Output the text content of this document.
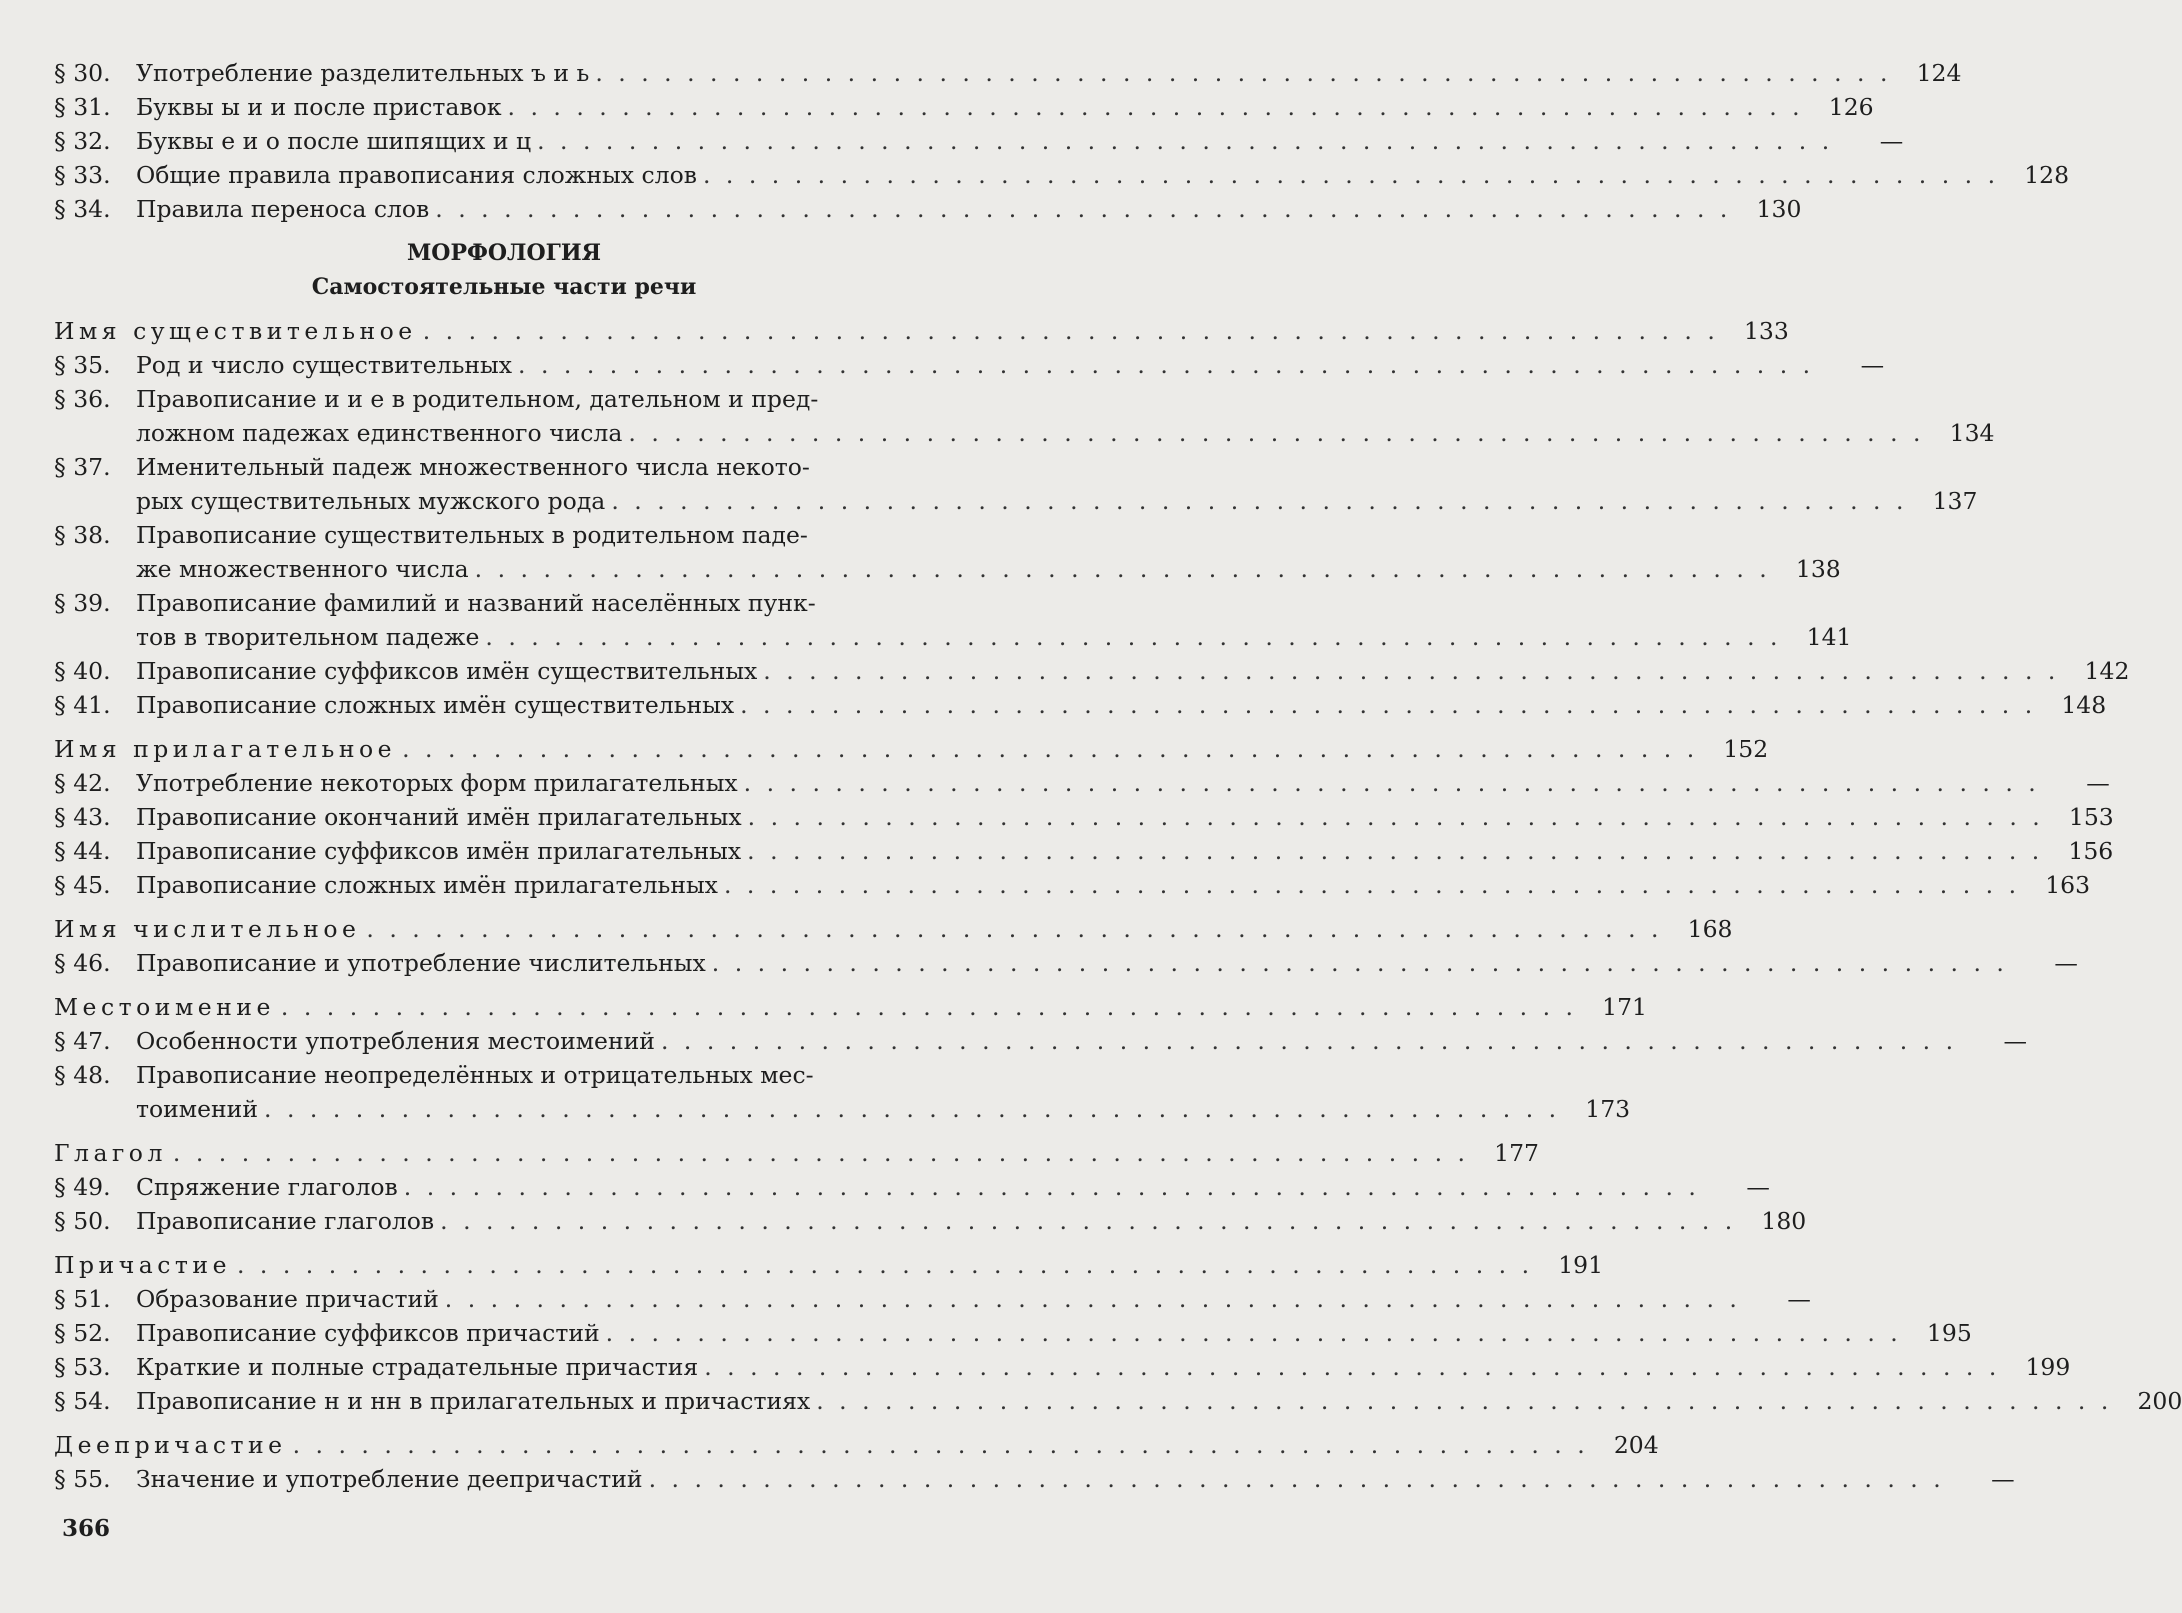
§ 30.	Употребление разделительных ъ и ь . . . . . . . . . . . . . . . . . . . . . . . . . . . . . . . . . . . . . . . . . . . . . . . . . . . . . . . . .	124
§ 31.	Буквы ы и и после приставок . . . . . . . . . . . . . . . . . . . . . . . . . . . . . . . . . . . . . . . . . . . . . . . . . . . . . . . . .	126
§ 32.	Буквы е и о после шипящих и ц . . . . . . . . . . . . . . . . . . . . . . . . . . . . . . . . . . . . . . . . . . . . . . . . . . . . . . . . .	—
§ 33.	Общие правила правописания сложных слов . . . . . . . . . . . . . . . . . . . . . . . . . . . . . . . . . . . . . . . . . . . . . . . . . . . . . . . . .	128
§ 34.	Правила переноса слов . . . . . . . . . . . . . . . . . . . . . . . . . . . . . . . . . . . . . . . . . . . . . . . . . . . . . . . . .	130
МОРФОЛОГИЯ
Самостоятельные части речи
Имя существительное . . . . . . . . . . . . . . . . . . . . . . . . . . . . . . . . . . . . . . . . . . . . . . . . . . . . . . . . .	133
§ 35.	Род и число существительных . . . . . . . . . . . . . . . . . . . . . . . . . . . . . . . . . . . . . . . . . . . . . . . . . . . . . . . . .	—
§ 36.	Правописание и и е в родительном, дательном и пред-
ложном падежах единственного числа . . . . . . . . . . . . . . . . . . . . . . . . . . . . . . . . . . . . . . . . . . . . . . . . . . . . . . . . .	134
§ 37.	Именительный падеж множественного числа некото-
рых существительных мужского рода . . . . . . . . . . . . . . . . . . . . . . . . . . . . . . . . . . . . . . . . . . . . . . . . . . . . . . . . .	137
§ 38.	Правописание существительных в родительном паде-
же множественного числа . . . . . . . . . . . . . . . . . . . . . . . . . . . . . . . . . . . . . . . . . . . . . . . . . . . . . . . . .	138
§ 39.	Правописание фамилий и названий населённых пунк-
тов в творительном падеже . . . . . . . . . . . . . . . . . . . . . . . . . . . . . . . . . . . . . . . . . . . . . . . . . . . . . . . . .	141
§ 40.	Правописание суффиксов имён существительных . . . . . . . . . . . . . . . . . . . . . . . . . . . . . . . . . . . . . . . . . . . . . . . . . . . . . . . . .	142
§ 41.	Правописание сложных имён существительных . . . . . . . . . . . . . . . . . . . . . . . . . . . . . . . . . . . . . . . . . . . . . . . . . . . . . . . . .	148
Имя прилагательное . . . . . . . . . . . . . . . . . . . . . . . . . . . . . . . . . . . . . . . . . . . . . . . . . . . . . . . . .	152
§ 42.	Употребление некоторых форм прилагательных . . . . . . . . . . . . . . . . . . . . . . . . . . . . . . . . . . . . . . . . . . . . . . . . . . . . . . . . .	—
§ 43.	Правописание окончаний имён прилагательных . . . . . . . . . . . . . . . . . . . . . . . . . . . . . . . . . . . . . . . . . . . . . . . . . . . . . . . . .	153
§ 44.	Правописание суффиксов имён прилагательных . . . . . . . . . . . . . . . . . . . . . . . . . . . . . . . . . . . . . . . . . . . . . . . . . . . . . . . . .	156
§ 45.	Правописание сложных имён прилагательных . . . . . . . . . . . . . . . . . . . . . . . . . . . . . . . . . . . . . . . . . . . . . . . . . . . . . . . . .	163
Имя числительное . . . . . . . . . . . . . . . . . . . . . . . . . . . . . . . . . . . . . . . . . . . . . . . . . . . . . . . . .	168
§ 46.	Правописание и употребление числительных . . . . . . . . . . . . . . . . . . . . . . . . . . . . . . . . . . . . . . . . . . . . . . . . . . . . . . . . .	—
Местоимение . . . . . . . . . . . . . . . . . . . . . . . . . . . . . . . . . . . . . . . . . . . . . . . . . . . . . . . . .	171
§ 47.	Особенности употребления местоимений . . . . . . . . . . . . . . . . . . . . . . . . . . . . . . . . . . . . . . . . . . . . . . . . . . . . . . . . .	—
§ 48.	Правописание неопределённых и отрицательных мес-
тоимений . . . . . . . . . . . . . . . . . . . . . . . . . . . . . . . . . . . . . . . . . . . . . . . . . . . . . . . . .	173
Глагол . . . . . . . . . . . . . . . . . . . . . . . . . . . . . . . . . . . . . . . . . . . . . . . . . . . . . . . . .	177
§ 49.	Спряжение глаголов . . . . . . . . . . . . . . . . . . . . . . . . . . . . . . . . . . . . . . . . . . . . . . . . . . . . . . . . .	—
§ 50.	Правописание глаголов . . . . . . . . . . . . . . . . . . . . . . . . . . . . . . . . . . . . . . . . . . . . . . . . . . . . . . . . .	180
Причастие . . . . . . . . . . . . . . . . . . . . . . . . . . . . . . . . . . . . . . . . . . . . . . . . . . . . . . . . .	191
§ 51.	Образование причастий . . . . . . . . . . . . . . . . . . . . . . . . . . . . . . . . . . . . . . . . . . . . . . . . . . . . . . . . .	—
§ 52.	Правописание суффиксов причастий . . . . . . . . . . . . . . . . . . . . . . . . . . . . . . . . . . . . . . . . . . . . . . . . . . . . . . . . .	195
§ 53.	Краткие и полные страдательные причастия . . . . . . . . . . . . . . . . . . . . . . . . . . . . . . . . . . . . . . . . . . . . . . . . . . . . . . . . .	199
§ 54.	Правописание н и нн в прилагательных и причастиях . . . . . . . . . . . . . . . . . . . . . . . . . . . . . . . . . . . . . . . . . . . . . . . . . . . . . . . . .	200
Деепричастие . . . . . . . . . . . . . . . . . . . . . . . . . . . . . . . . . . . . . . . . . . . . . . . . . . . . . . . . .	204
§ 55.	Значение и употребление деепричастий . . . . . . . . . . . . . . . . . . . . . . . . . . . . . . . . . . . . . . . . . . . . . . . . . . . . . . . . .	—
366
